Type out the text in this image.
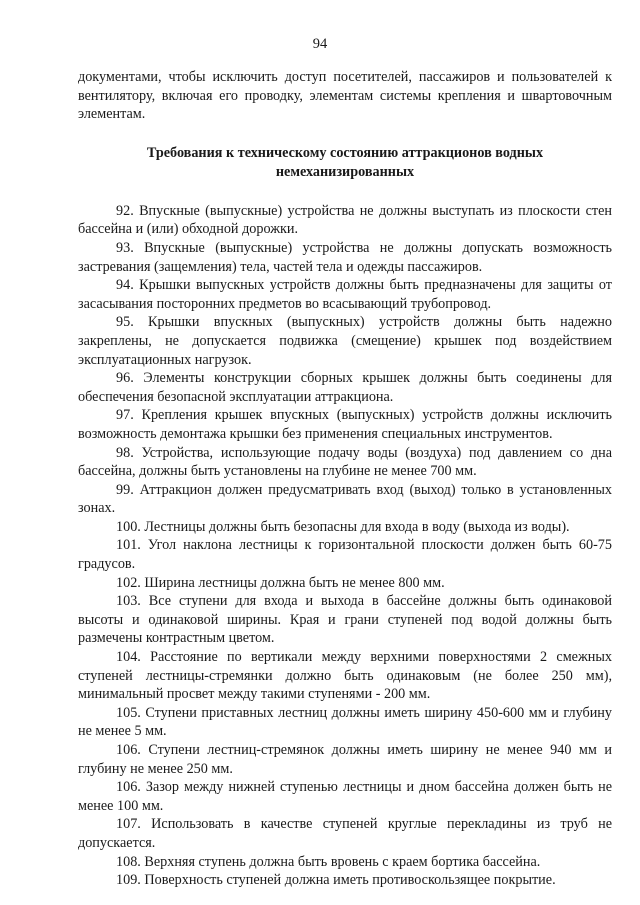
94

документами, чтобы исключить доступ посетителей, пассажиров и пользователей к вентилятору, включая его проводку, элементам системы крепления и швартовочным элементам.

Требования к техническому состоянию аттракционов водных немеханизированных

92. Впускные (выпускные) устройства не должны выступать из плоскости стен бассейна и (или) обходной дорожки.

93. Впускные (выпускные) устройства не должны допускать возможность застревания (защемления) тела, частей тела и одежды пассажиров.

94. Крышки выпускных устройств должны быть предназначены для защиты от засасывания посторонних предметов во всасывающий трубопровод.

95. Крышки впускных (выпускных) устройств должны быть надежно закреплены, не допускается подвижка (смещение) крышек под воздействием эксплуатационных нагрузок.

96. Элементы конструкции сборных крышек должны быть соединены для обеспечения безопасной эксплуатации аттракциона.

97. Крепления крышек впускных (выпускных) устройств должны исключить возможность демонтажа крышки без применения специальных инструментов.

98. Устройства, использующие подачу воды (воздуха) под давлением со дна бассейна, должны быть установлены на глубине не менее 700 мм.

99. Аттракцион должен предусматривать вход (выход) только в установленных зонах.

100. Лестницы должны быть безопасны для входа в воду (выхода из воды).

101. Угол наклона лестницы к горизонтальной плоскости должен быть 60-75 градусов.

102. Ширина лестницы должна быть не менее 800 мм.

103. Все ступени для входа и выхода в бассейне должны быть одинаковой высоты и одинаковой ширины. Края и грани ступеней под водой должны быть размечены контрастным цветом.

104. Расстояние по вертикали между верхними поверхностями 2 смежных ступеней лестницы-стремянки должно быть одинаковым (не более 250 мм), минимальный просвет между такими ступенями - 200 мм.

105. Ступени приставных лестниц должны иметь ширину 450-600 мм и глубину не менее 5 мм.

106. Ступени лестниц-стремянок должны иметь ширину не менее 940 мм и глубину не менее 250 мм.

106. Зазор между нижней ступенью лестницы и дном бассейна должен быть не менее 100 мм.

107. Использовать в качестве ступеней круглые перекладины из труб не допускается.

108. Верхняя ступень должна быть вровень с краем бортика бассейна.

109. Поверхность ступеней должна иметь противоскользящее покрытие.
